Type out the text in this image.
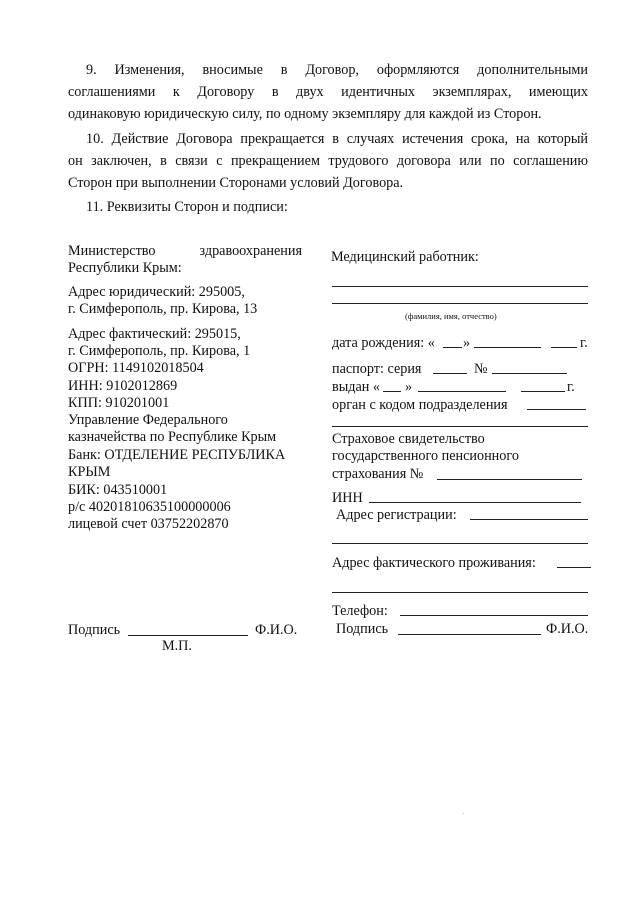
9. Изменения, вносимые в Договор, оформляются дополнительными
соглашениями к Договору в двух идентичных экземплярах, имеющих
одинаковую юридическую силу, по одному экземпляру для каждой из Сторон.
10. Действие Договора прекращается в случаях истечения срока, на который
он заключен, в связи с прекращением трудового договора или по соглашению
Сторон при выполнении Сторонами условий Договора.
11. Реквизиты Сторон и подписи:
Министерство	здравоохранения
Республики Крым:
Адрес юридический: 295005,
г. Симферополь, пр. Кирова, 13
Адрес фактический: 295015,
г. Симферополь, пр. Кирова, 1
ОГРН: 1149102018504
ИНН: 9102012869
КПП: 910201001
Управление Федерального
казначейства по Республике Крым
Банк: ОТДЕЛЕНИЕ РЕСПУБЛИКА
КРЫМ
БИК: 043510001
р/с 40201810635100000006
лицевой счет 03752202870
Подпись	Ф.И.О.
М.П.
Медицинский работник:
(фамилия, имя, отчество)
дата рождения: « »	г.
паспорт: серия	№
выдан « »	г.
орган с кодом подразделения
Страховое свидетельство
государственного пенсионного
страхования №
ИНН
Адрес регистрации:
Адрес фактического проживания:
Телефон:
Подпись	Ф.И.О.
·
